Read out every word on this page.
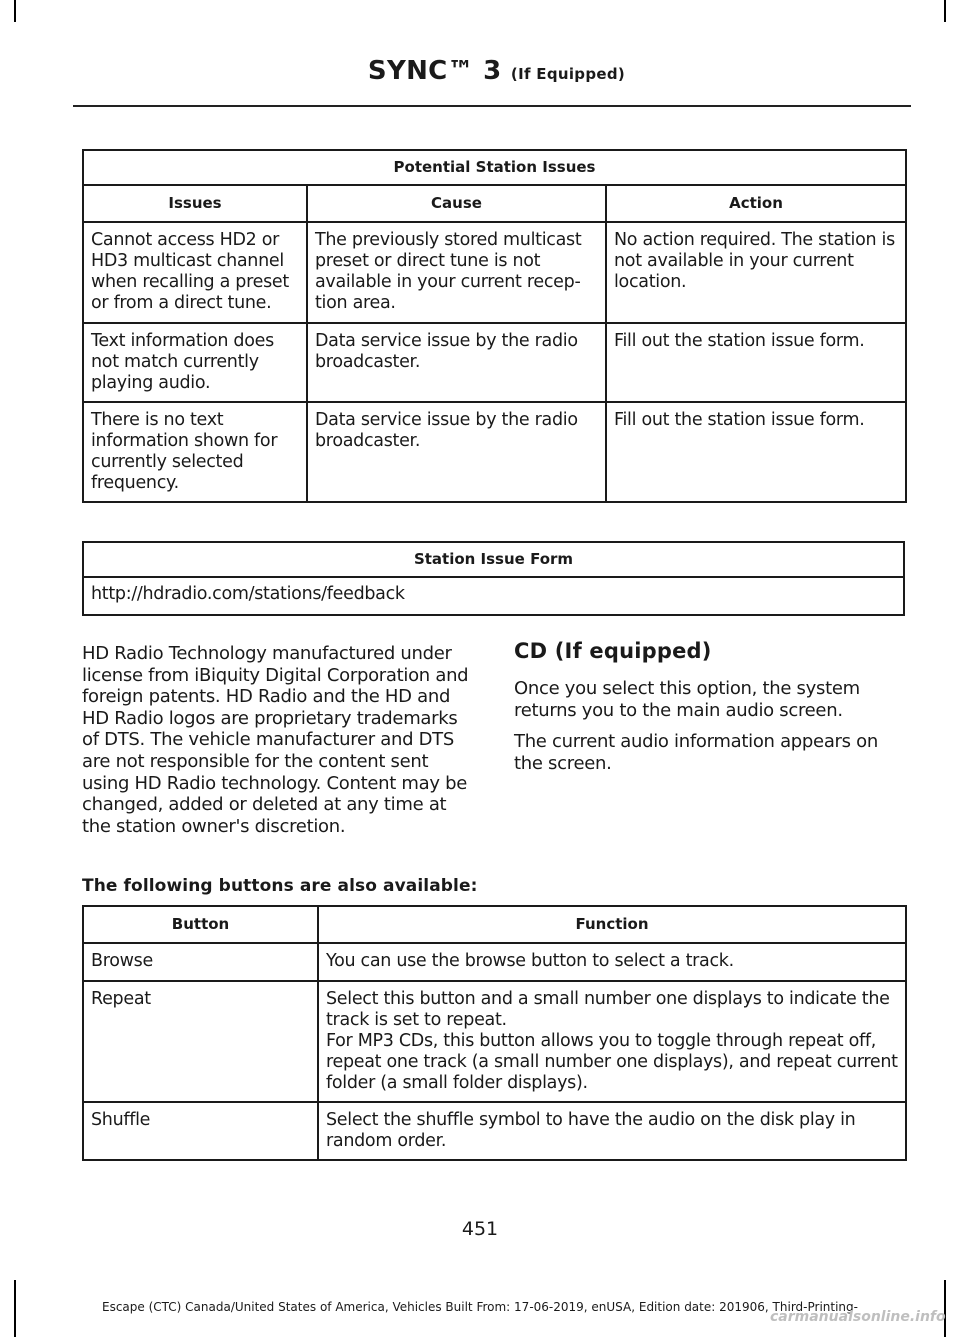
SYNC™ 3 (If Equipped)
Potential Station Issues		
Issues	Cause	Action
Cannot access HD2 or HD3 multicast channel when recalling a preset or from a direct tune.	The previously stored multicast preset or direct tune is not available in your current recep-tion area.	No action required. The station is not available in your current location.
Text information does not match currently playing audio.	Data service issue by the radio broadcaster.	Fill out the station issue form.
There is no text information shown for currently selected frequency.	Data service issue by the radio broadcaster.	Fill out the station issue form.
Station Issue Form
http://hdradio.com/stations/feedback
HD Radio Technology manufactured under license from iBiquity Digital Corporation and foreign patents. HD Radio and the HD and HD Radio logos are proprietary trademarks of DTS. The vehicle manufacturer and DTS are not responsible for the content sent using HD Radio technology. Content may be changed, added or deleted at any time at the station owner's discretion.
CD (If equipped)
Once you select this option, the system returns you to the main audio screen.
The current audio information appears on the screen.
The following buttons are also available:
Button	Function
Browse	You can use the browse button to select a track.
Repeat	Select this button and a small number one displays to indicate the track is set to repeat.
For MP3 CDs, this button allows you to toggle through repeat off, repeat one track (a small number one displays), and repeat current folder (a small folder displays).

Shuffle	Select the shuffle symbol to have the audio on the disk play in random order.
451
Escape (CTC) Canada/United States of America, Vehicles Built From: 17-06-2019, enUSA, Edition date: 201906, Third-Printing-
carmanualsonline.info
